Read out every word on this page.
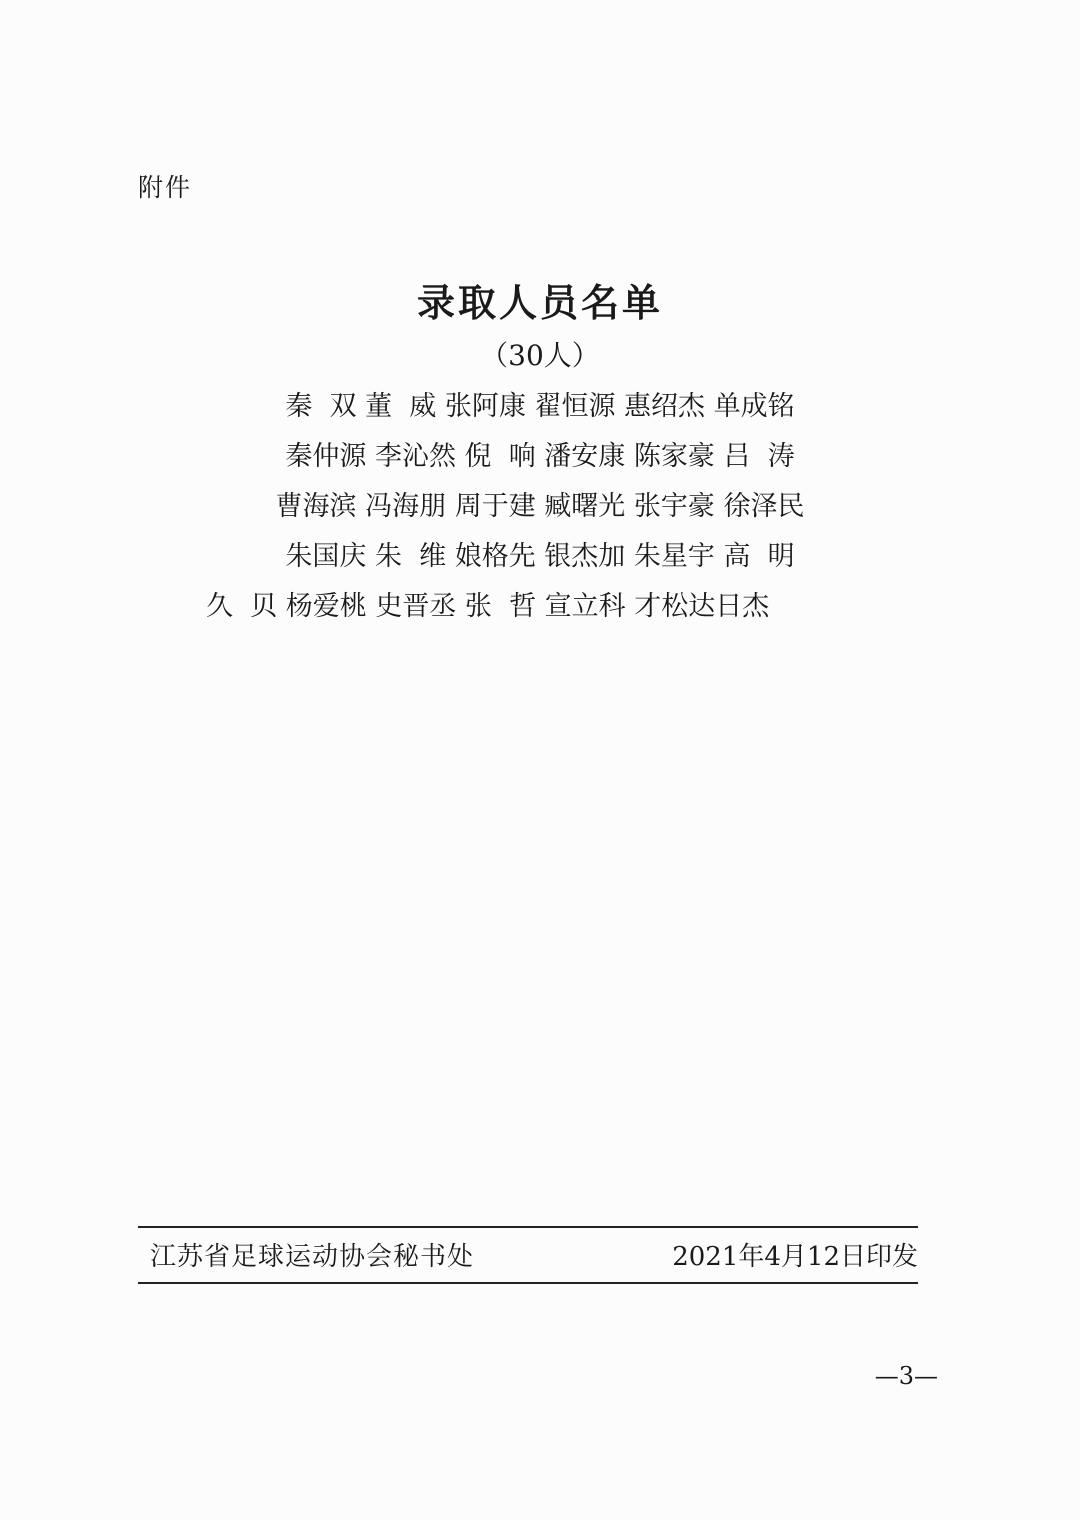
附件
录取人员名单
（30人）
秦  双 董  威 张阿康 翟恒源 惠绍杰 单成铭
秦仲源 李沁然 倪  响 潘安康 陈家豪 吕  涛
曹海滨 冯海朋 周于建 臧曙光 张宇豪 徐泽民
朱国庆 朱  维 娘格先 银杰加 朱星宇 高  明
久  贝 杨爱桃 史晋丞 张  哲 宣立科 才松达日杰
江苏省足球运动协会秘书处	2021年4月12日印发
—3—
